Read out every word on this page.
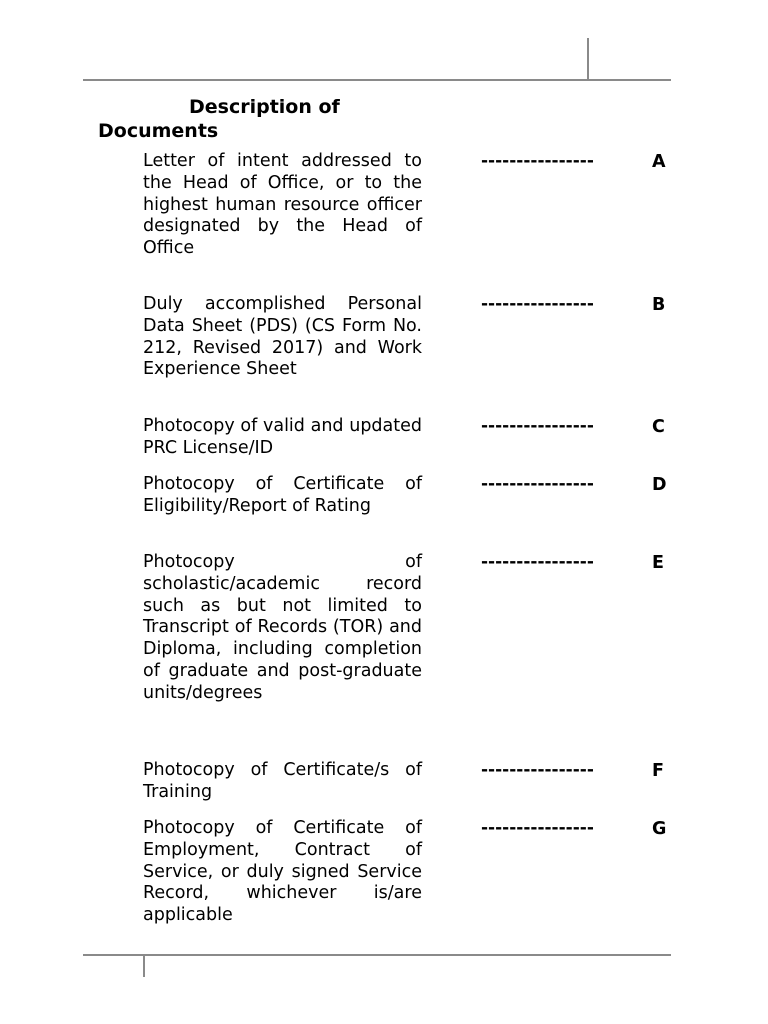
Description of
Documents
Letter of intent addressed to the Head of Office, or to the highest human resource officer designated by the Head of Office
----------------	A
Duly accomplished Personal Data Sheet (PDS) (CS Form No. 212, Revised 2017) and Work Experience Sheet
----------------	B
Photocopy of valid and updated PRC License/ID
----------------	C
Photocopy of Certificate of Eligibility/Report of Rating
----------------	D
Photocopy of scholastic/academic record such as but not limited to Transcript of Records (TOR) and Diploma, including completion of graduate and post-graduate units/degrees
----------------	E
Photocopy of Certificate/s of Training
----------------	F
Photocopy of Certificate of Employment, Contract of Service, or duly signed Service Record, whichever is/are applicable
----------------	G
